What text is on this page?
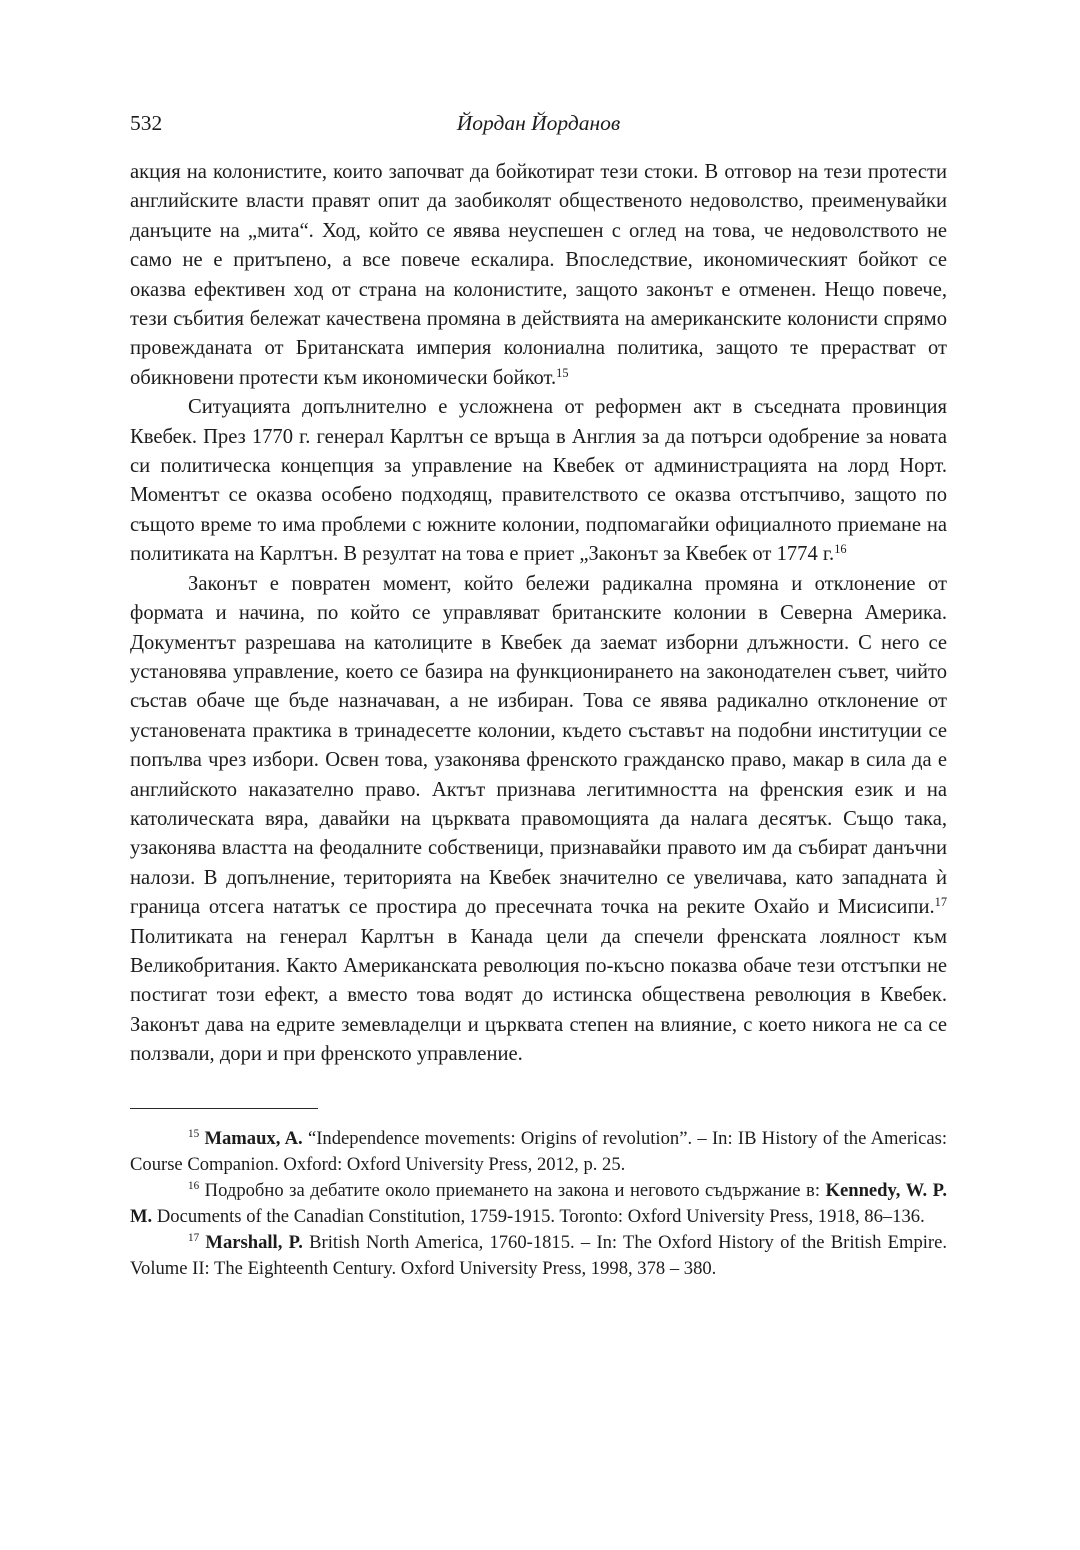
532	Йордан Йорданов

акция на колонистите, които започват да бойкотират тези стоки. В отговор на тези протести английските власти правят опит да заобиколят общественото недоволство, преименувайки данъците на „мита“. Ход, който се явява неуспешен с оглед на това, че недоволството не само не е притъпено, а все повече ескалира. Впоследствие, икономическият бойкот се оказва ефективен ход от страна на колонистите, защото законът е отменен. Нещо повече, тези събития бележат качествена промяна в действията на американските колонисти спрямо провежданата от Британската империя колониална политика, защото те прерастват от обикновени протести към икономически бойкот.$^{15}$

Ситуацията допълнително е усложнена от реформен акт в съседната провинция Квебек. През 1770 г. генерал Карлтън се връща в Англия за да потърси одобрение за новата си политическа концепция за управление на Квебек от администрацията на лорд Норт. Моментът се оказва особено подходящ, правителството се оказва отстъпчиво, защото по същото време то има проблеми с южните колонии, подпомагайки официалното приемане на политиката на Карлтън. В резултат на това е приет „Законът за Квебек от 1774 г.$^{16}$

Законът е повратен момент, който бележи радикална промяна и отклонение от формата и начина, по който се управляват британските колонии в Северна Америка. Документът разрешава на католиците в Квебек да заемат изборни длъжности. С него се установява управление, което се базира на функционирането на законодателен съвет, чийто състав обаче ще бъде назначаван, а не избиран. Това се явява радикално отклонение от установената практика в тринадесетте колонии, където съставът на подобни институции се попълва чрез избори. Освен това, узаконява френското гражданско право, макар в сила да е английското наказателно право. Актът признава легитимността на френския език и на католическата вяра, давайки на църквата правомощията да налага десятък. Също така, узаконява властта на феодалните собственици, признавайки правото им да събират данъчни налози. В допълнение, територията на Квебек значително се увеличава, като западната ѝ граница отсега нататък се простира до пресечната точка на реките Охайо и Мисисипи.$^{17}$ Политиката на генерал Карлтън в Канада цели да спечели френската лоялност към Великобритания. Както Американската революция по-късно показва обаче тези отстъпки не постигат този ефект, а вместо това водят до истинска обществена революция в Квебек. Законът дава на едрите земевладелци и църквата степен на влияние, с което никога не са се ползвали, дори и при френското управление.

$^{15}$ Mamaux, A. “Independence movements: Origins of revolution”. – In: IB History of the Americas: Course Companion. Oxford: Oxford University Press, 2012, p. 25.

$^{16}$ Подробно за дебатите около приемането на закона и неговото съдържание в: Kennedy, W. P. M. Documents of the Canadian Constitution, 1759-1915. Toronto: Oxford University Press, 1918, 86–136.

$^{17}$ Marshall, P. British North America, 1760-1815. – In: The Oxford History of the British Empire. Volume II: The Eighteenth Century. Oxford University Press, 1998, 378 – 380.
